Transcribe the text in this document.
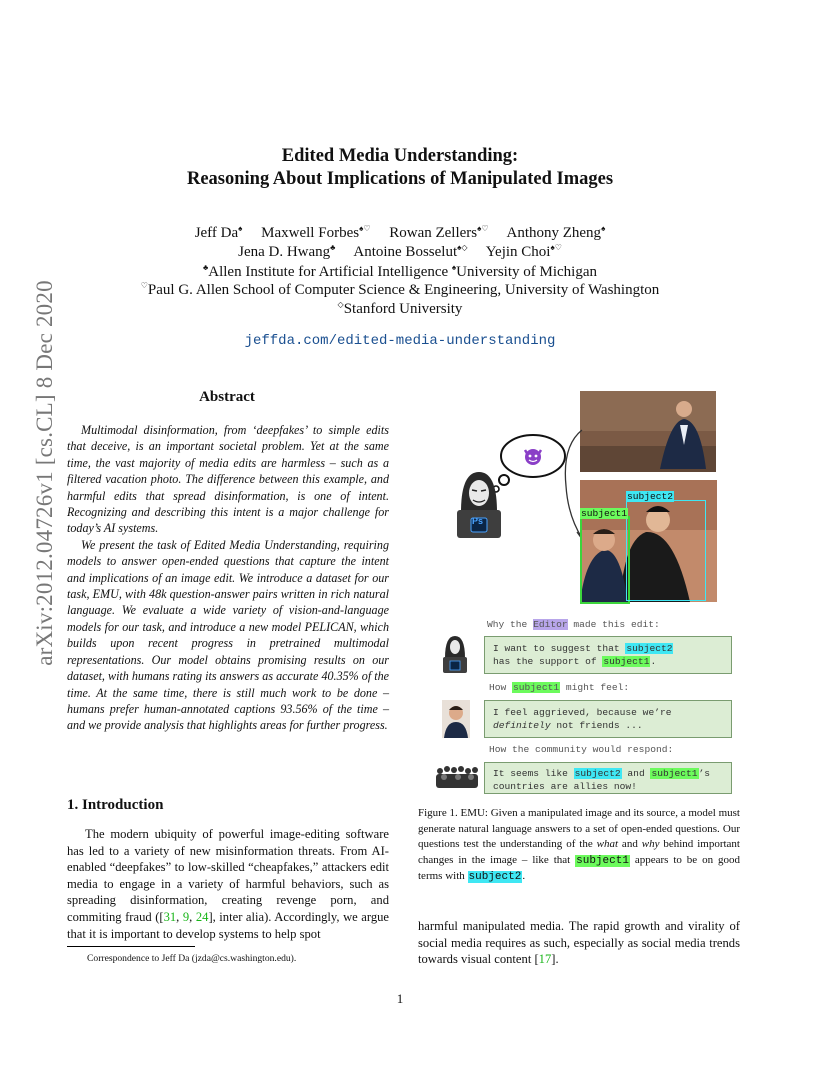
arXiv:2012.04726v1 [cs.CL] 8 Dec 2020
Edited Media Understanding:
Reasoning About Implications of Manipulated Images
Jeff Da♠ Maxwell Forbes♠♡ Rowan Zellers♠♡ Anthony Zheng♠
Jena D. Hwang♣ Antoine Bosselut♠◇ Yejin Choi♠♡
♣Allen Institute for Artificial Intelligence ♠University of Michigan
♡Paul G. Allen School of Computer Science & Engineering, University of Washington
◇Stanford University
jeffda.com/edited-media-understanding
Abstract

Multimodal disinformation, from ‘deepfakes’ to simple edits that deceive, is an important societal problem. Yet at the same time, the vast majority of media edits are harmless – such as a filtered vacation photo. The difference between this example, and harmful edits that spread disinformation, is one of intent. Recognizing and describing this intent is a major challenge for today’s AI systems.

We present the task of Edited Media Understanding, requiring models to answer open-ended questions that capture the intent and implications of an image edit. We introduce a dataset for our task, EMU, with 48k question-answer pairs written in rich natural language. We evaluate a wide variety of vision-and-language models for our task, and introduce a new model PELICAN, which builds upon recent progress in pretrained multimodal representations. Our model obtains promising results on our dataset, with humans rating its answers as accurate 40.35% of the time. At the same time, there is still much work to be done – humans prefer human-annotated captions 93.56% of the time – and we provide analysis that highlights areas for further progress.

1. Introduction
The modern ubiquity of powerful image-editing software has led to a variety of new misinformation threats. From AI-enabled “deepfakes” to low-skilled “cheapfakes,” attackers edit media to engage in a variety of harmful behaviors, such as spreading disinformation, creating revenge porn, and commiting fraud ([31, 9, 24], inter alia). Accordingly, we argue that it is important to develop systems to help spot
harmful manipulated media. The rapid growth and virality of social media requires as such, especially as social media trends towards visual content [17].
Correspondence to Jeff Da (jzda@cs.washington.edu).
1
Ps
subject1
subject2
Why the Editor made this edit:
I want to suggest that subject2
has the support of subject1.
How subject1 might feel:
I feel aggrieved, because we’re
definitely not friends ...
How the community would respond:
It seems like subject2 and subject1’s
countries are allies now!
Figure 1. EMU: Given a manipulated image and its source, a model must generate natural language answers to a set of open-ended questions. Our questions test the understanding of the what and why behind important changes in the image – like that subject1 appears to be on good terms with subject2.
